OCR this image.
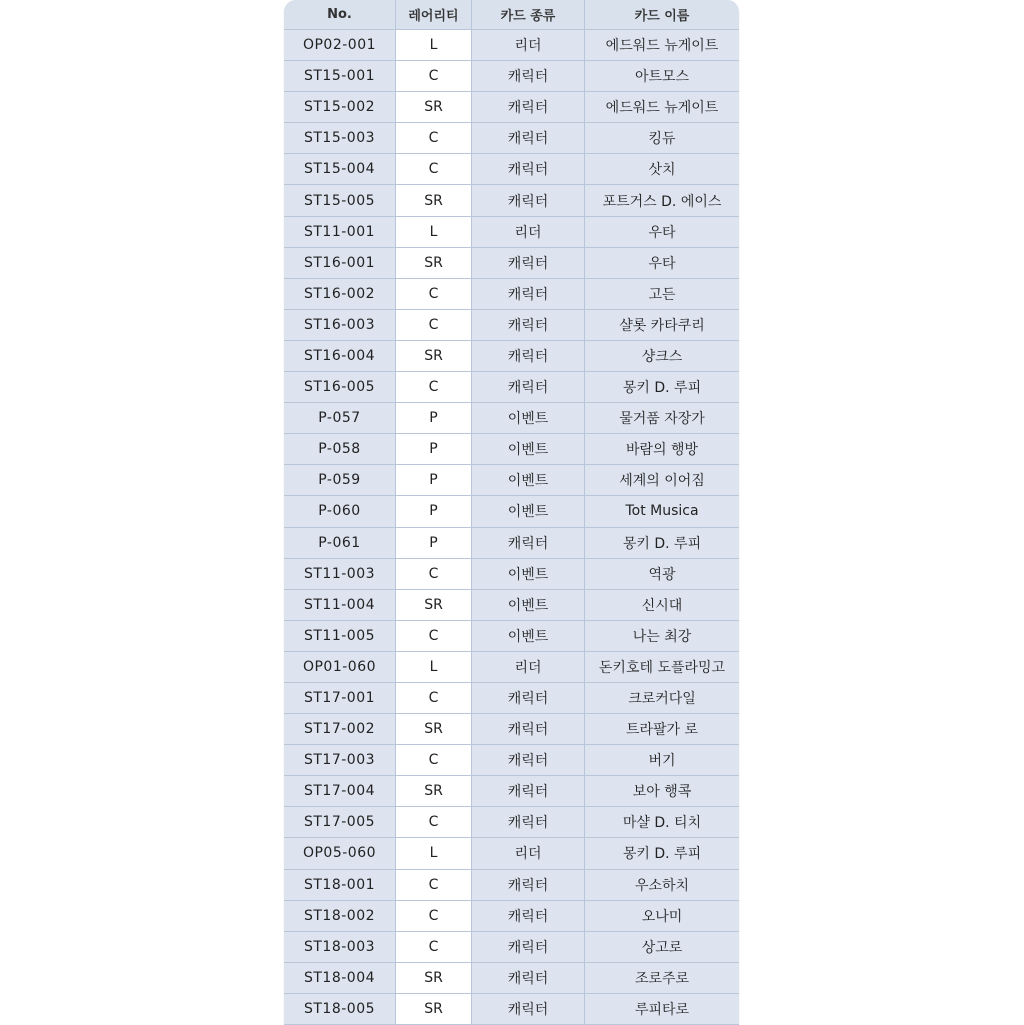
No.	레어리티	카드 종류	카드 이름
OP02-001	L	리더	에드워드 뉴게이트
ST15-001	C	캐릭터	아트모스
ST15-002	SR	캐릭터	에드워드 뉴게이트
ST15-003	C	캐릭터	킹듀
ST15-004	C	캐릭터	삿치
ST15-005	SR	캐릭터	포트거스 D. 에이스
ST11-001	L	리더	우타
ST16-001	SR	캐릭터	우타
ST16-002	C	캐릭터	고든
ST16-003	C	캐릭터	샬롯 카타쿠리
ST16-004	SR	캐릭터	샹크스
ST16-005	C	캐릭터	몽키 D. 루피
P-057	P	이벤트	물거품 자장가
P-058	P	이벤트	바람의 행방
P-059	P	이벤트	세계의 이어짐
P-060	P	이벤트	Tot Musica
P-061	P	캐릭터	몽키 D. 루피
ST11-003	C	이벤트	역광
ST11-004	SR	이벤트	신시대
ST11-005	C	이벤트	나는 최강
OP01-060	L	리더	돈키호테 도플라밍고
ST17-001	C	캐릭터	크로커다일
ST17-002	SR	캐릭터	트라팔가 로
ST17-003	C	캐릭터	버기
ST17-004	SR	캐릭터	보아 행콕
ST17-005	C	캐릭터	마샬 D. 티치
OP05-060	L	리더	몽키 D. 루피
ST18-001	C	캐릭터	우소하치
ST18-002	C	캐릭터	오나미
ST18-003	C	캐릭터	상고로
ST18-004	SR	캐릭터	조로주로
ST18-005	SR	캐릭터	루피타로
